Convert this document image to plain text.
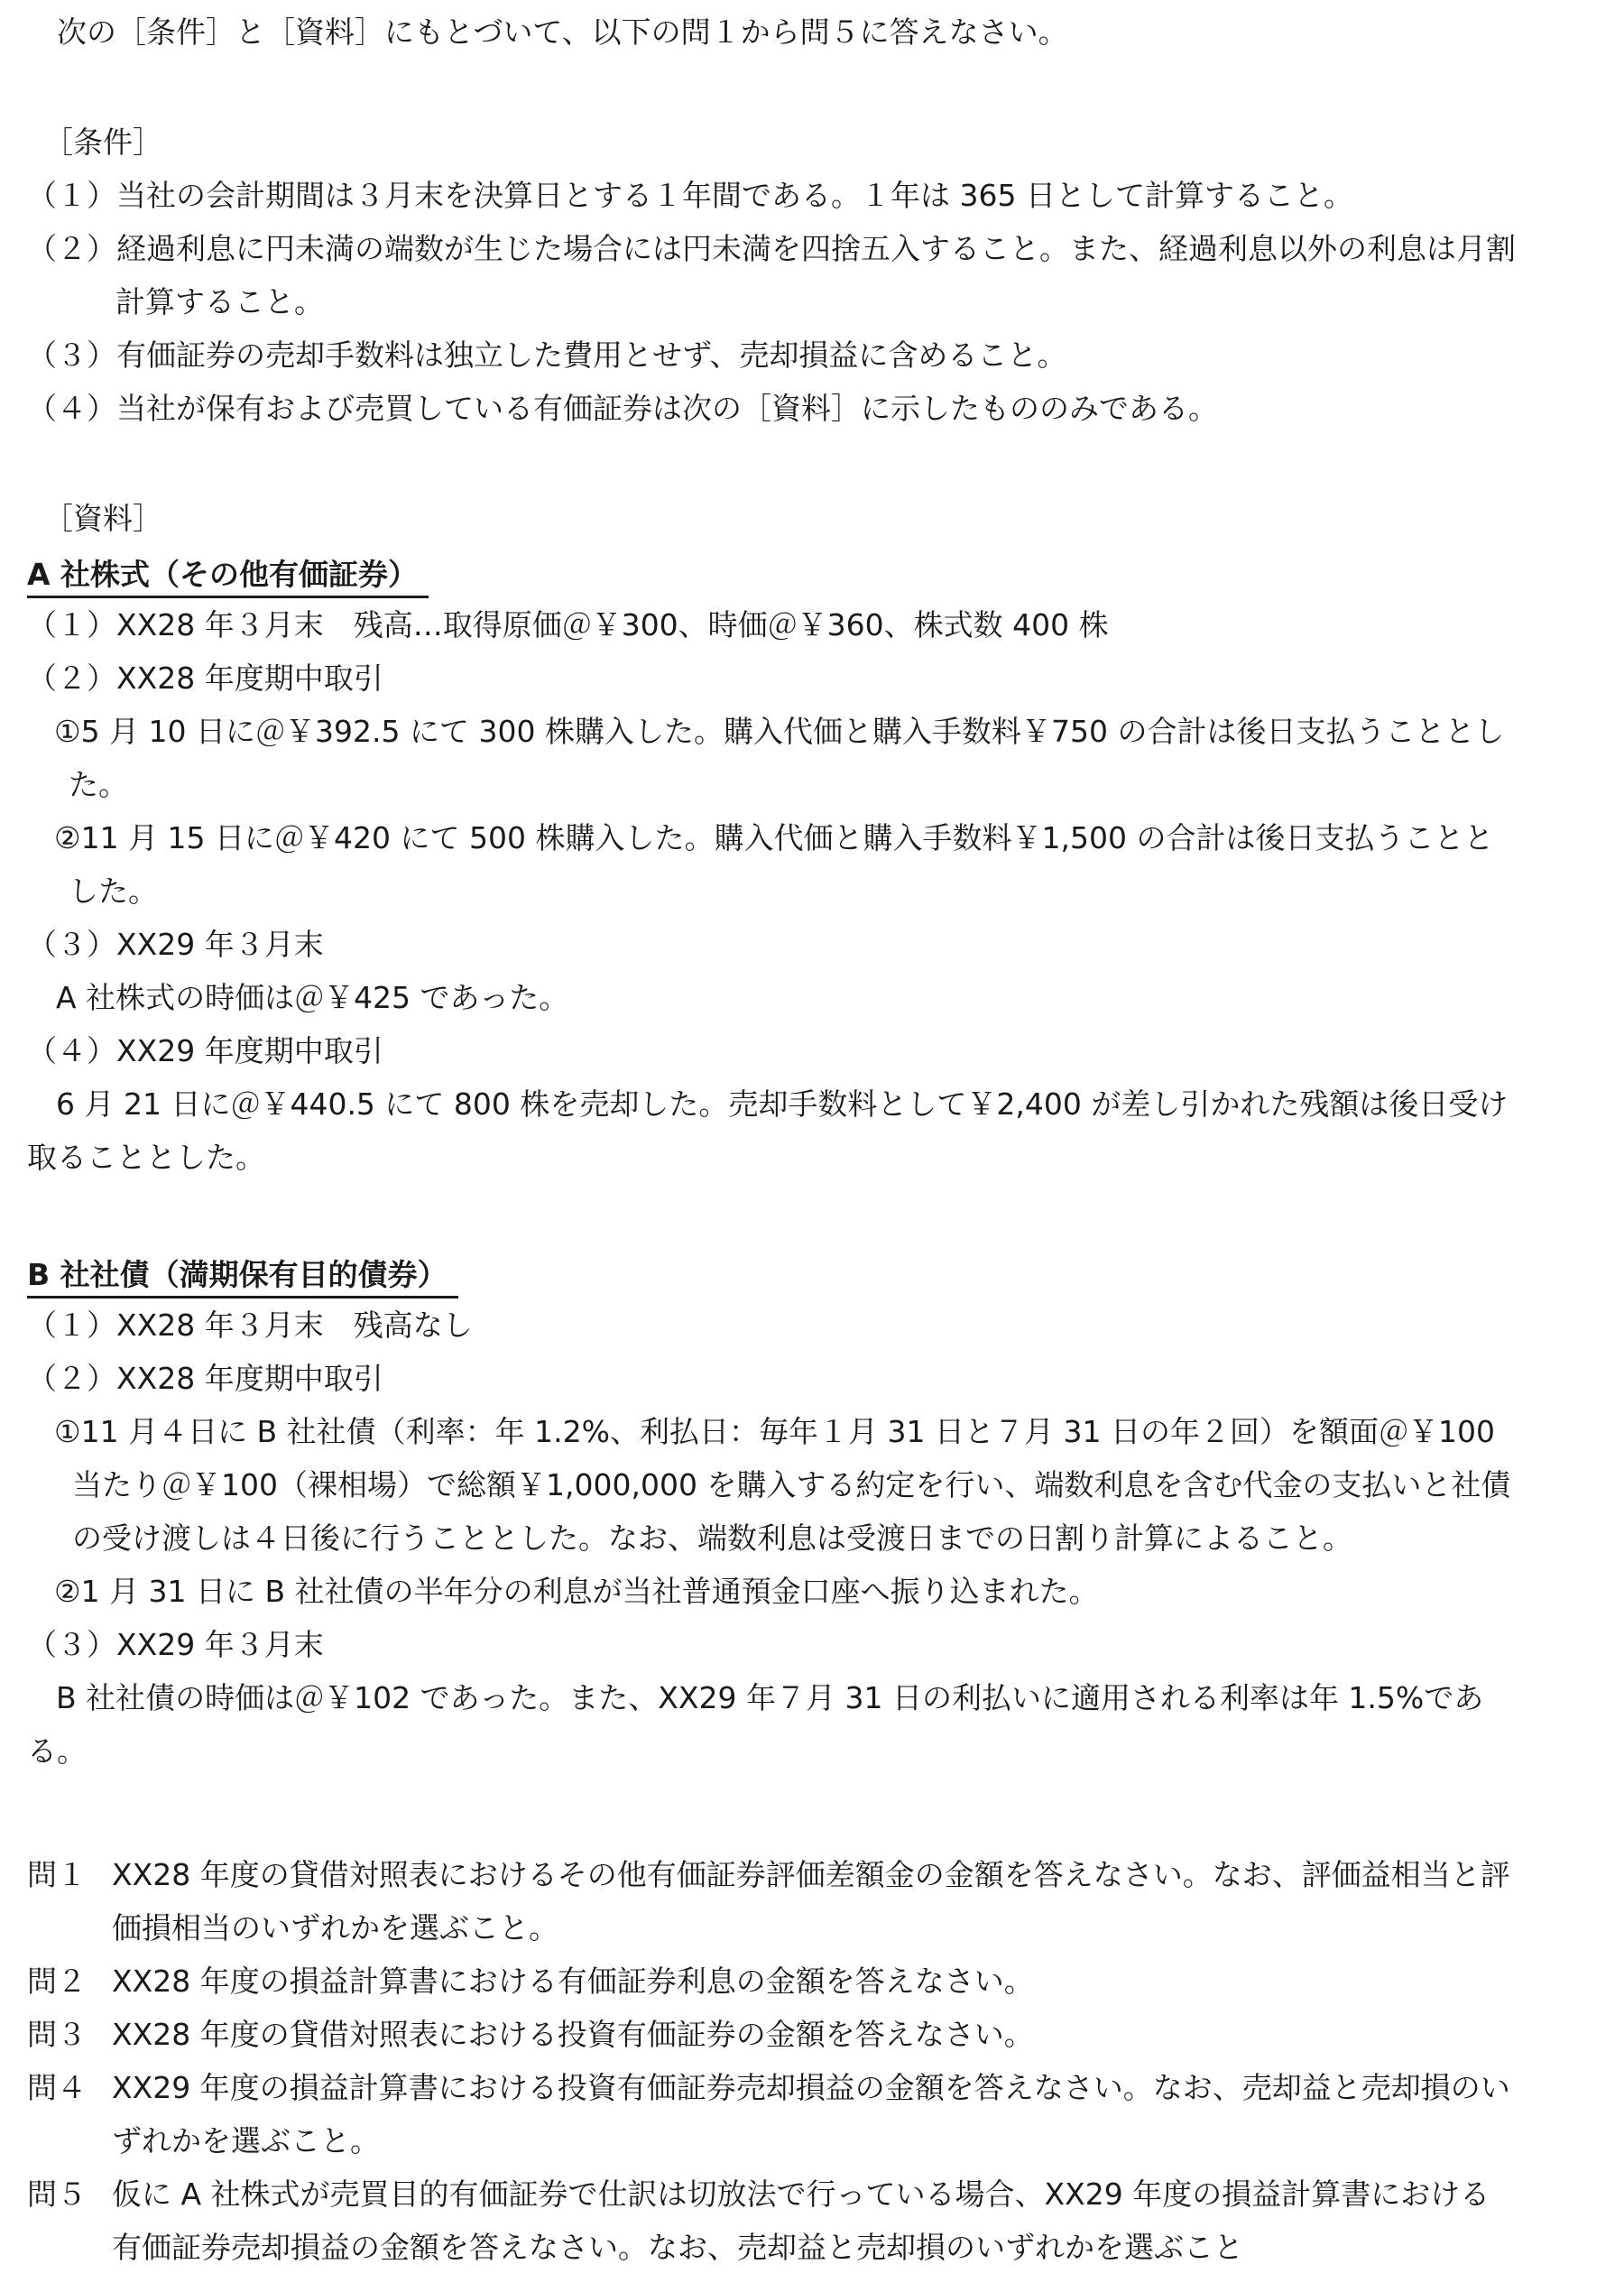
　次の［条件］と［資料］にもとづいて、以下の問１から問５に答えなさい。
［条件］
（１）当社の会計期間は３月末を決算日とする１年間である。１年は 365 日として計算すること。
（２）経過利息に円未満の端数が生じた場合には円未満を四捨五入すること。また、経過利息以外の利息は月割
計算すること。
（３）有価証券の売却手数料は独立した費用とせず、売却損益に含めること。
（４）当社が保有および売買している有価証券は次の［資料］に示したもののみである。
［資料］
A 社株式（その他有価証券）
（１）XX28 年３月末　残高…取得原価＠￥300、時価＠￥360、株式数 400 株
（２）XX28 年度期中取引
①5 月 10 日に＠￥392.5 にて 300 株購入した。購入代価と購入手数料￥750 の合計は後日支払うこととし
た。
②11 月 15 日に＠￥420 にて 500 株購入した。購入代価と購入手数料￥1,500 の合計は後日支払うことと
した。
（３）XX29 年３月末
A 社株式の時価は＠￥425 であった。
（４）XX29 年度期中取引
6 月 21 日に＠￥440.5 にて 800 株を売却した。売却手数料として￥2,400 が差し引かれた残額は後日受け
取ることとした。
B 社社債（満期保有目的債券）
（１）XX28 年３月末　残高なし
（２）XX28 年度期中取引
①11 月４日に B 社社債（利率：年 1.2%、利払日：毎年１月 31 日と７月 31 日の年２回）を額面＠￥100
当たり＠￥100（裸相場）で総額￥1,000,000 を購入する約定を行い、端数利息を含む代金の支払いと社債
の受け渡しは４日後に行うこととした。なお、端数利息は受渡日までの日割り計算によること。
②1 月 31 日に B 社社債の半年分の利息が当社普通預金口座へ振り込まれた。
（３）XX29 年３月末
B 社社債の時価は＠￥102 であった。また、XX29 年７月 31 日の利払いに適用される利率は年 1.5%であ
る。
問１ XX28 年度の貸借対照表におけるその他有価証券評価差額金の金額を答えなさい。なお、評価益相当と評
価損相当のいずれかを選ぶこと。
問２ XX28 年度の損益計算書における有価証券利息の金額を答えなさい。
問３ XX28 年度の貸借対照表における投資有価証券の金額を答えなさい。
問４ XX29 年度の損益計算書における投資有価証券売却損益の金額を答えなさい。なお、売却益と売却損のい
ずれかを選ぶこと。
問５ 仮に A 社株式が売買目的有価証券で仕訳は切放法で行っている場合、XX29 年度の損益計算書における
有価証券売却損益の金額を答えなさい。なお、売却益と売却損のいずれかを選ぶこと
